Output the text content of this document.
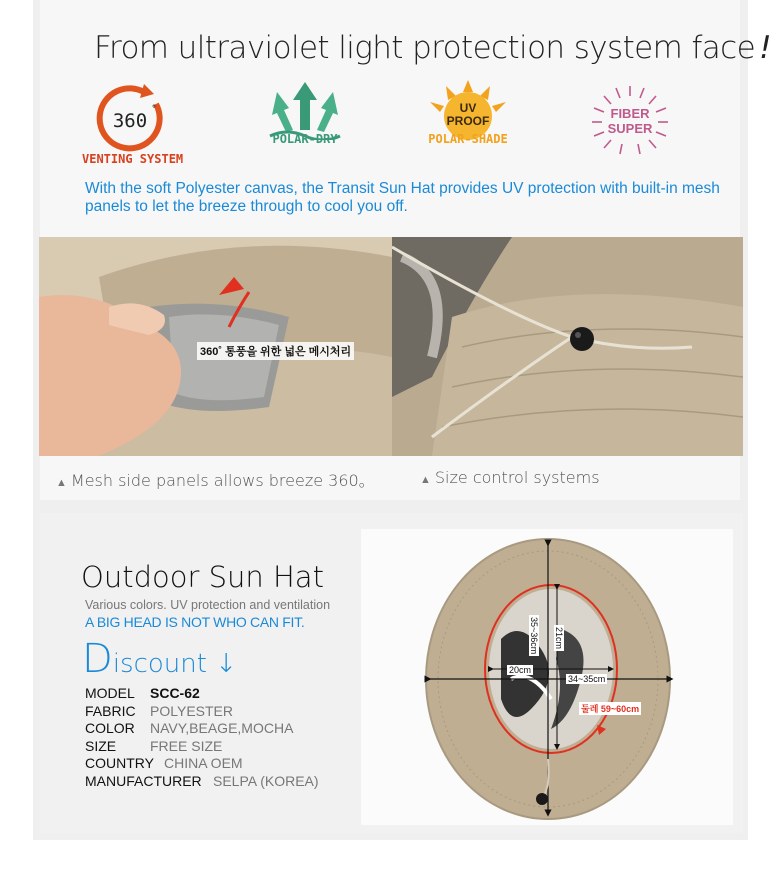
From ultraviolet light protection system face !
360
°
VENTING SYSTEM
POLAR-DRY
UV
PROOF
POLAR-SHADE
FIBER
SUPER
With the soft Polyester canvas, the Transit Sun Hat provides UV protection with built-in mesh panels to let the breeze through to cool you off.
360˚ 통풍을 위한 넓은 메시처리
▲ Mesh side panels allows breeze 360。	▲ Size control systems
Outdoor Sun Hat
Various colors. UV protection and ventilation
A BIG HEAD IS NOT WHO CAN FIT.
Discount ↓
MODEL SCC-62
FABRIC POLYESTER
COLOR NAVY,BEAGE,MOCHA
SIZE FREE SIZE
COUNTRY CHINA OEM
MANUFACTURER SELPA (KOREA)
35~36cm 21cm
20cm
34~35cm
둘레 59~60cm
